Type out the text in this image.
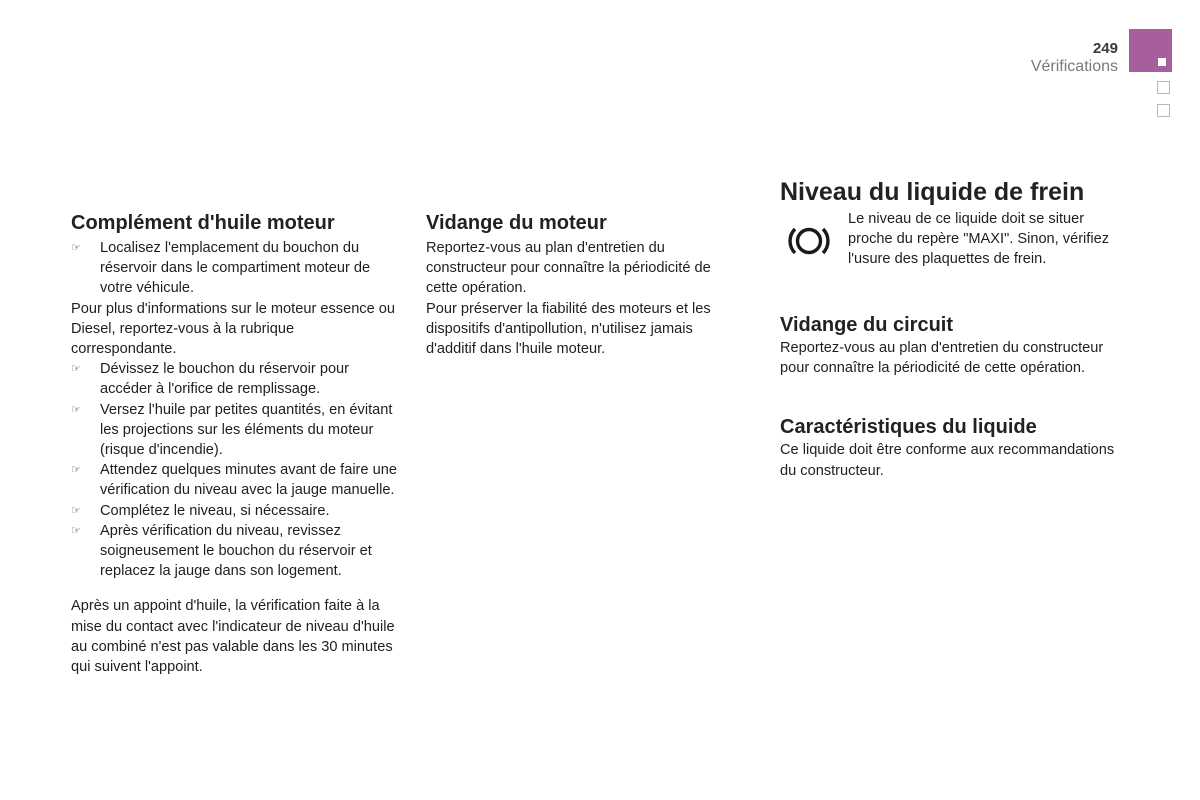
249
Vérifications
Complément d'huile moteur
☞	Localisez l'emplacement du bouchon du réservoir dans le compartiment moteur de votre véhicule.
Pour plus d'informations sur le moteur essence ou Diesel, reportez-vous à la rubrique correspondante.
☞	Dévissez le bouchon du réservoir pour accéder à l'orifice de remplissage.
☞	Versez l'huile par petites quantités, en évitant les projections sur les éléments du moteur (risque d'incendie).
☞	Attendez quelques minutes avant de faire une vérification du niveau avec la jauge manuelle.
☞	Complétez le niveau, si nécessaire.
☞	Après vérification du niveau, revissez soigneusement le bouchon du réservoir et replacez la jauge dans son logement.

Après un appoint d'huile, la vérification faite à la mise du contact avec l'indicateur de niveau d'huile au combiné n'est pas valable dans les 30 minutes qui suivent l'appoint.

Vidange du moteur

Reportez-vous au plan d'entretien du constructeur pour connaître la périodicité de cette opération.

Pour préserver la fiabilité des moteurs et les dispositifs d'antipollution, n'utilisez jamais d'additif dans l'huile moteur.

Niveau du liquide de frein

Le niveau de ce liquide doit se situer proche du repère "MAXI". Sinon, vérifiez l'usure des plaquettes de frein.

Vidange du circuit

Reportez-vous au plan d'entretien du constructeur pour connaître la périodicité de cette opération.

Caractéristiques du liquide

Ce liquide doit être conforme aux recommandations du constructeur.
